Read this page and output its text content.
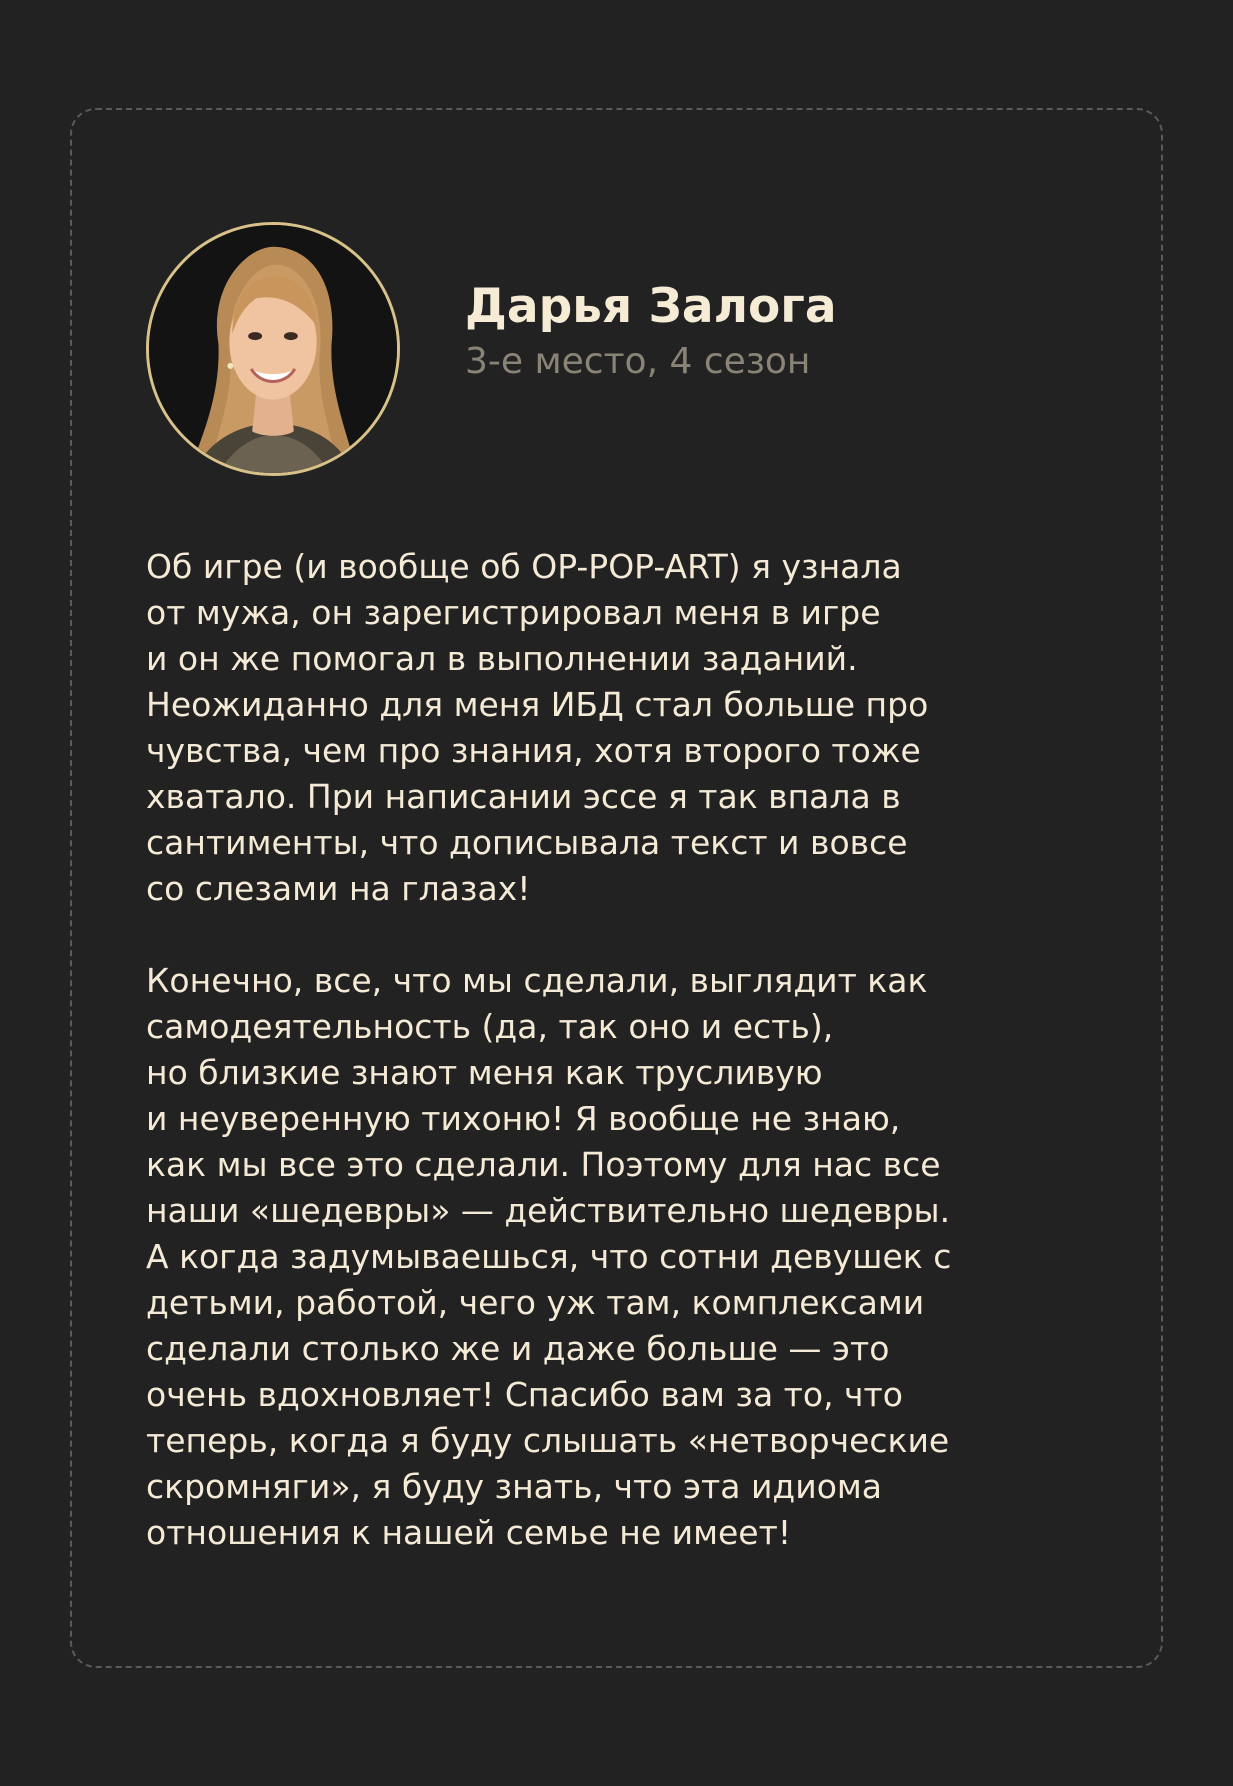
Дарья Залога
3-е место, 4 сезон

Об игре (и вообще об OP-POP-ART) я узнала
от мужа, он зарегистрировал меня в игре
и он же помогал в выполнении заданий.
Неожиданно для меня ИБД стал больше про
чувства, чем про знания, хотя второго тоже
хватало. При написании эссе я так впала в
сантименты, что дописывала текст и вовсе
со слезами на глазах!

Конечно, все, что мы сделали, выглядит как
самодеятельность (да, так оно и есть),
но близкие знают меня как трусливую
и неуверенную тихоню! Я вообще не знаю,
как мы все это сделали. Поэтому для нас все
наши «шедевры» — действительно шедевры.
А когда задумываешься, что сотни девушек с
детьми, работой, чего уж там, комплексами
сделали столько же и даже больше — это
очень вдохновляет! Спасибо вам за то, что
теперь, когда я буду слышать «нетворческие
скромняги», я буду знать, что эта идиома
отношения к нашей семье не имеет!
